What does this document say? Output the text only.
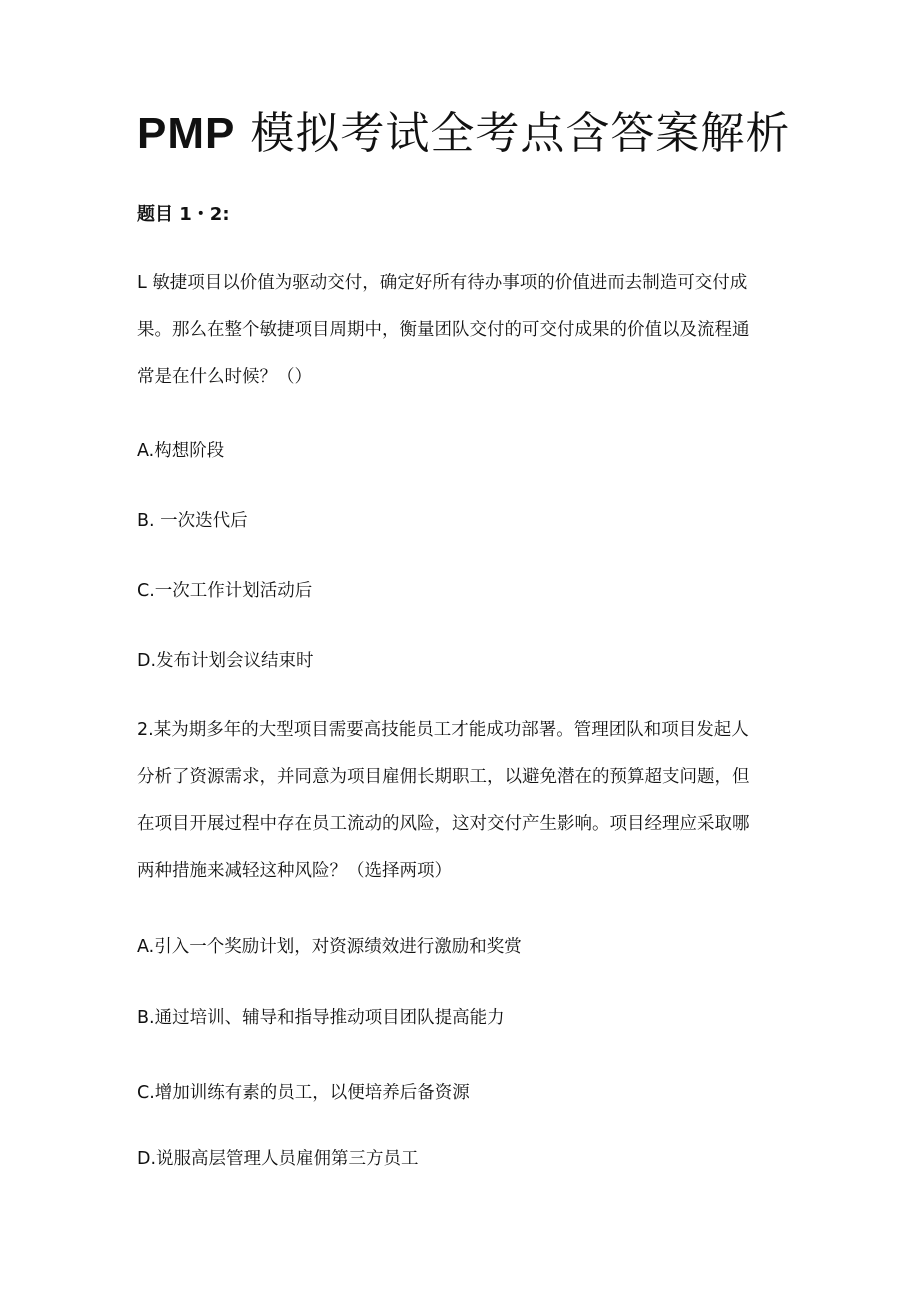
PMP 模拟考试全考点含答案解析
题目 1・2:
L 敏捷项目以价值为驱动交付，确定好所有待办事项的价值进而去制造可交付成
果。那么在整个敏捷项目周期中，衡量团队交付的可交付成果的价值以及流程通
常是在什么时候？（）
A.构想阶段
B. 一次迭代后
C.一次工作计划活动后
D.发布计划会议结束时
2.某为期多年的大型项目需要高技能员工才能成功部署。管理团队和项目发起人
分析了资源需求，并同意为项目雇佣长期职工，以避免潜在的预算超支问题，但
在项目开展过程中存在员工流动的风险，这对交付产生影响。项目经理应采取哪
两种措施来减轻这种风险？（选择两项）
A.引入一个奖励计划，对资源绩效进行激励和奖赏
B.通过培训、辅导和指导推动项目团队提高能力
C.增加训练有素的员工，以便培养后备资源
D.说服高层管理人员雇佣第三方员工
